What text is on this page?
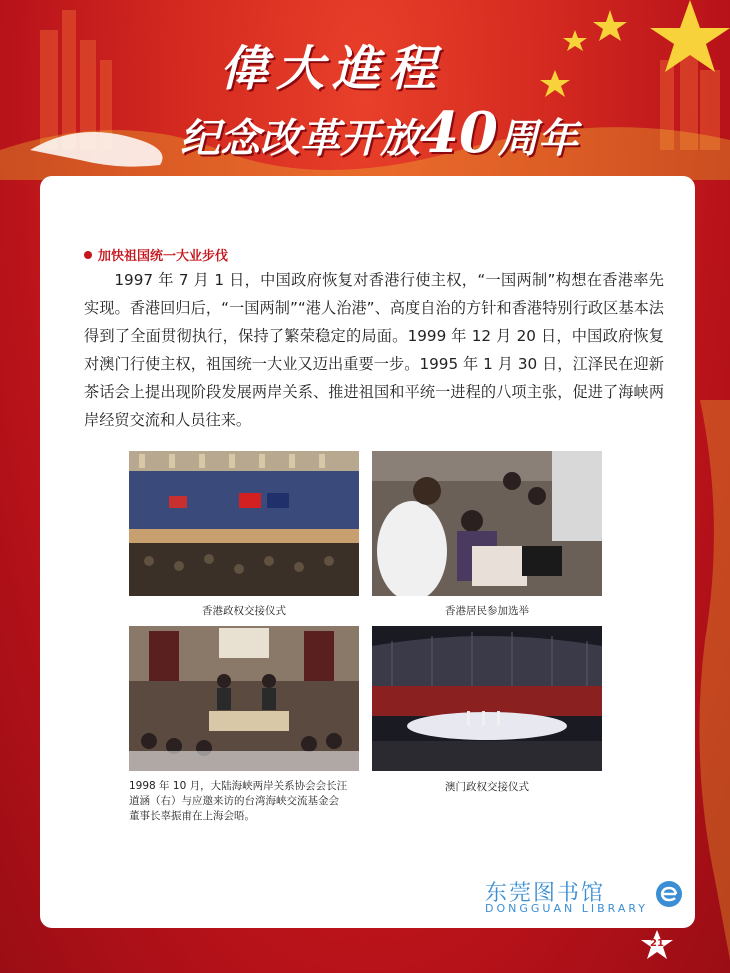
偉大進程
纪念改革开放40周年
加快祖国统一大业步伐

1997 年 7 月 1 日，中国政府恢复对香港行使主权，“一国两制”构想在香港率先实现。香港回归后，“一国两制”“港人治港”、高度自治的方针和香港特别行政区基本法得到了全面贯彻执行，保持了繁荣稳定的局面。1999 年 12 月 20 日，中国政府恢复对澳门行使主权，祖国统一大业又迈出重要一步。1995 年 1 月 30 日，江泽民在迎新茶话会上提出现阶段发展两岸关系、推进祖国和平统一进程的八项主张，促进了海峡两岸经贸交流和人员往来。

香港政权交接仪式	香港居民参加选举
1998 年 10 月，大陆海峡两岸关系协会会长汪
道涵（右）与应邀来访的台湾海峡交流基金会
董事长辜振甫在上海会晤。
澳门政权交接仪式
东莞图书馆
DONGGUAN LIBRARY
21
